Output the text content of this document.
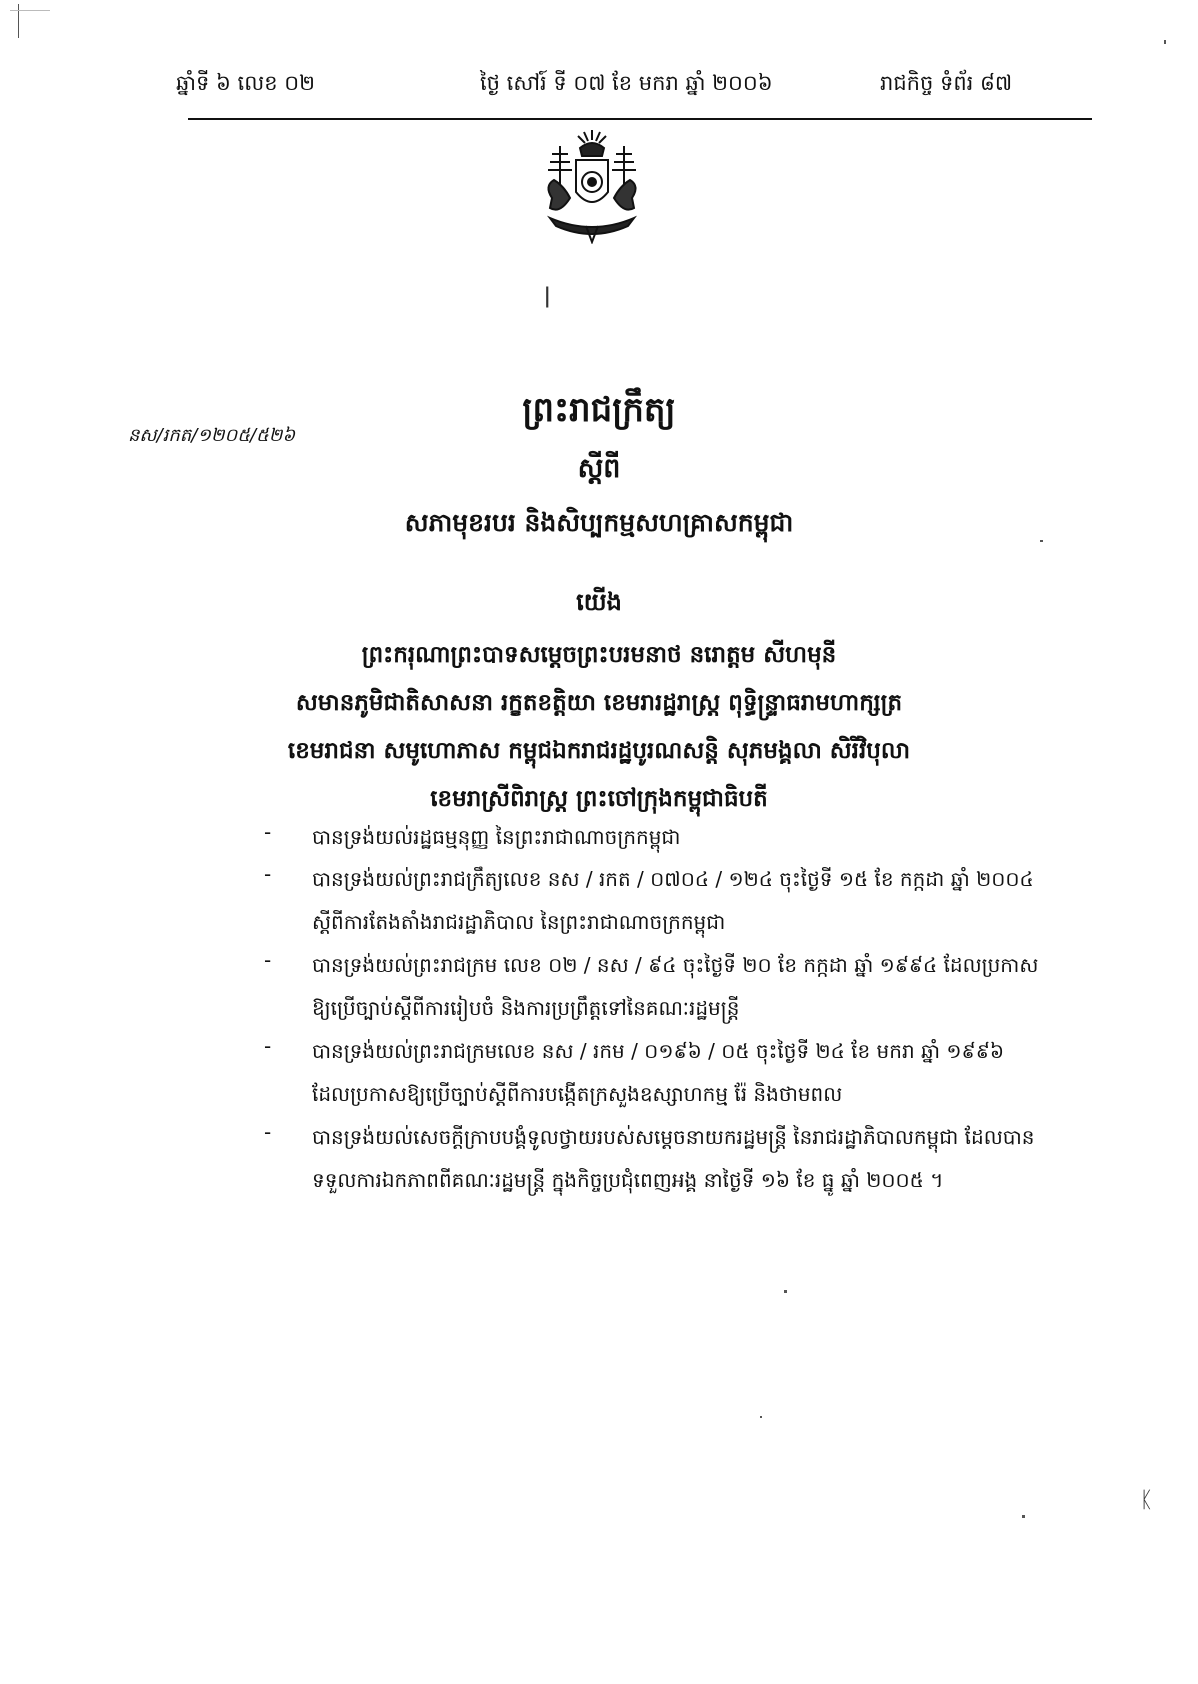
ឆ្នាំទី ៦ លេខ ០២	ថ្ងៃ សៅរ៍ ទី ០៧ ខែ មករា ឆ្នាំ ២០០៦	រាជកិច្ច ទំព័រ ៨៧
ǀ
នស/រកត/១២០៥/៥២៦
ព្រះរាជក្រឹត្យ
ស្ដីពី
សភាមុខរបរ និងសិប្បកម្មសហគ្រាសកម្ពុជា
យើង
ព្រះករុណាព្រះបាទសម្ដេចព្រះបរមនាថ នរោត្តម សីហមុនី
សមានភូមិជាតិសាសនា រក្ខតខត្តិយា ខេមរារដ្ឋរាស្ត្រ ពុទ្ធិន្ទ្រាធរាមហាក្សត្រ
ខេមរាជនា សមូហោភាស កម្ពុជឯករាជរដ្ឋបូរណសន្តិ សុភមង្គលា សិរីវិបុលា
ខេមរាស្រីពិរាស្ត្រ ព្រះចៅក្រុងកម្ពុជាធិបតី
-	បានទ្រង់យល់រដ្ឋធម្មនុញ្ញ នៃព្រះរាជាណាចក្រកម្ពុជា
-	បានទ្រង់យល់ព្រះរាជក្រឹត្យលេខ នស / រកត / ០៧០៤ / ១២៤ ចុះថ្ងៃទី ១៥ ខែ កក្កដា ឆ្នាំ ២០០៤
ស្ដីពីការតែងតាំងរាជរដ្ឋាភិបាល នៃព្រះរាជាណាចក្រកម្ពុជា
-	បានទ្រង់យល់ព្រះរាជក្រម លេខ ០២ / នស / ៩៤ ចុះថ្ងៃទី ២០ ខែ កក្កដា ឆ្នាំ ១៩៩៤ ដែលប្រកាស
ឱ្យប្រើច្បាប់ស្ដីពីការរៀបចំ និងការប្រព្រឹត្តទៅនៃគណៈរដ្ឋមន្ត្រី
-	បានទ្រង់យល់ព្រះរាជក្រមលេខ នស / រកម / ០១៩៦ / ០៥ ចុះថ្ងៃទី ២៤ ខែ មករា ឆ្នាំ ១៩៩៦
ដែលប្រកាសឱ្យប្រើច្បាប់ស្ដីពីការបង្កើតក្រសួងឧស្សាហកម្ម រ៉ែ និងថាមពល
-	បានទ្រង់យល់សេចក្ដីក្រាបបង្គំទូលថ្វាយរបស់សម្ដេចនាយករដ្ឋមន្ត្រី នៃរាជរដ្ឋាភិបាលកម្ពុជា ដែលបាន
ទទួលការឯកភាពពីគណៈរដ្ឋមន្ត្រី ក្នុងកិច្ចប្រជុំពេញអង្គ នាថ្ងៃទី ១៦ ខែ ធ្នូ ឆ្នាំ ២០០៥ ។
ᛕ
